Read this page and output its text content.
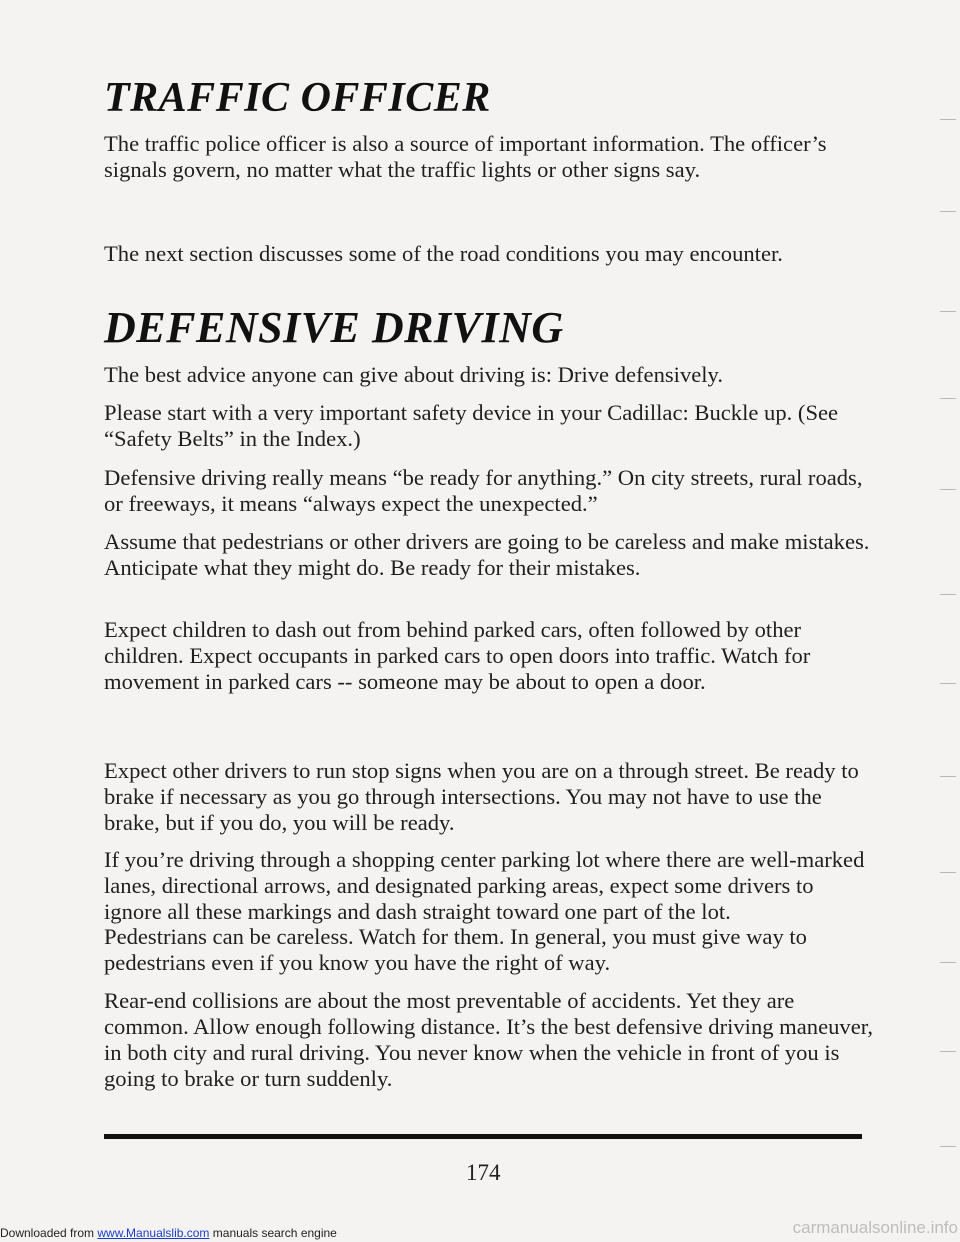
TRAFFIC OFFICER

The traffic police officer is also a source of important information. The officer’s signals govern, no matter what the traffic lights or other signs say.

The next section discusses some of the road conditions you may encounter.

DEFENSIVE DRIVING

The best advice anyone can give about driving is: Drive defensively.

Please start with a very important safety device in your Cadillac: Buckle up. (See “Safety Belts” in the Index.)

Defensive driving really means “be ready for anything.” On city streets, rural roads, or freeways, it means “always expect the unexpected.”

Assume that pedestrians or other drivers are going to be careless and make mistakes. Anticipate what they might do. Be ready for their mistakes.

Expect children to dash out from behind parked cars, often followed by other children. Expect occupants in parked cars to open doors into traffic. Watch for movement in parked cars -- someone may be about to open a door.

Expect other drivers to run stop signs when you are on a through street. Be ready to brake if necessary as you go through intersections. You may not have to use the brake, but if you do, you will be ready.

If you’re driving through a shopping center parking lot where there are well-marked lanes, directional arrows, and designated parking areas, expect some drivers to ignore all these markings and dash straight toward one part of the lot.

Pedestrians can be careless. Watch for them. In general, you must give way to pedestrians even if you know you have the right of way.

Rear-end collisions are about the most preventable of accidents. Yet they are common. Allow enough following distance. It’s the best defensive driving maneuver, in both city and rural driving. You never know when the vehicle in front of you is going to brake or turn suddenly.

174
Downloaded from www.Manualslib.com manuals search engine	carmanualsonline.info
